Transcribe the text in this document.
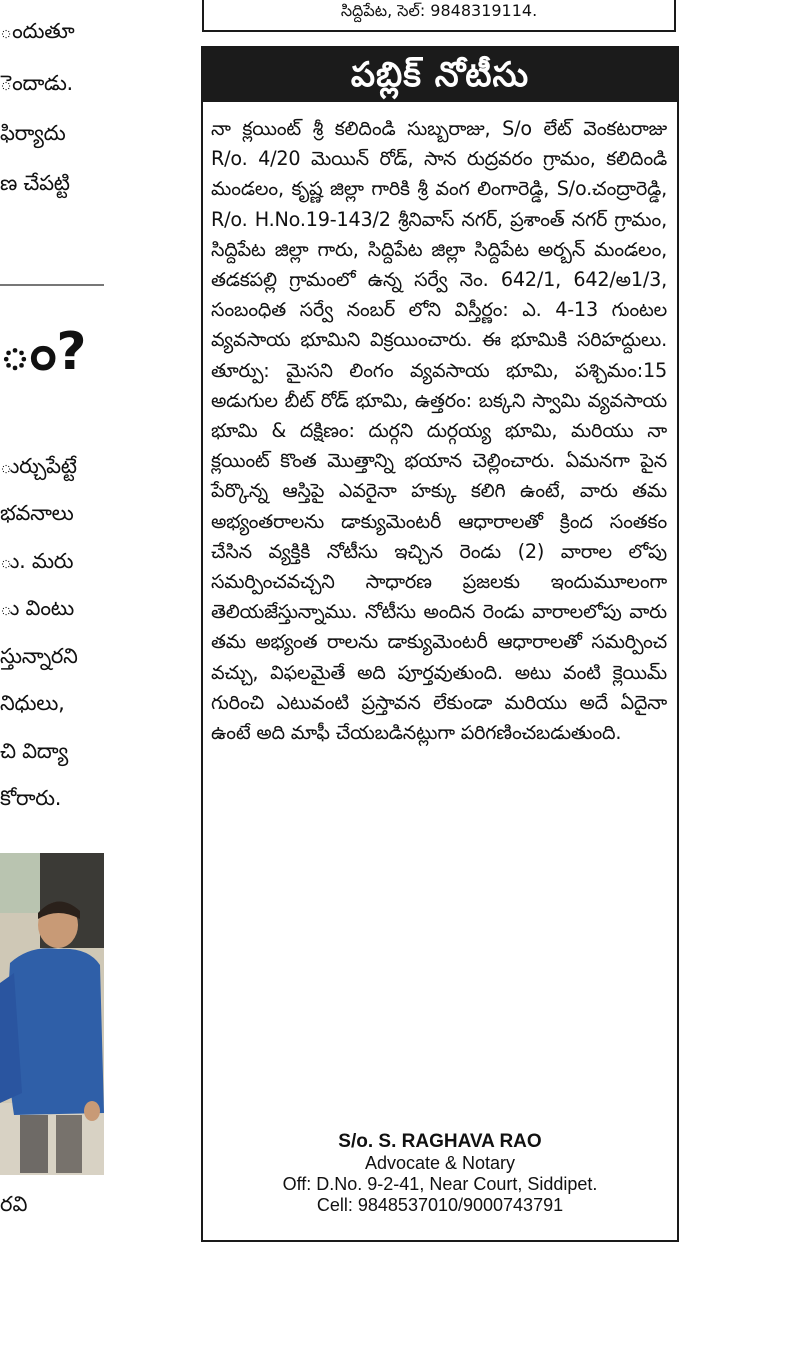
ందుతూ
ెందాడు.
ఫిర్యాదు
ణ చేపట్టి
ం?
ుర్చుపేట్టే
భవనాలు
ు. మరు
ు వింటు
స్తున్నారని
నిధులు,
చి విద్యా
కోరారు.
రవి
సిద్దిపేట, సెల్: 9848319114.
పబ్లిక్ నోటీసు
నా క్లయింట్ శ్రీ కలిదిండి సుబ్బరాజు, S/o లేట్ వెంకటరాజు R/o. 4/20 మెయిన్ రోడ్, సాన రుద్రవరం గ్రామం, కలిదిండి మండలం, కృష్ణ జిల్లా గారికి శ్రీ వంగ లింగారెడ్డి, S/o.చంద్రారెడ్డి, R/o. H.No.19-143/2 శ్రీనివాస్ నగర్, ప్రశాంత్ నగర్ గ్రామం, సిద్దిపేట జిల్లా గారు, సిద్దిపేట జిల్లా సిద్దిపేట అర్బన్ మండలం, తడకపల్లి గ్రామంలో ఉన్న సర్వే నెం. 642/1, 642/అ1/3, సంబంధిత సర్వే నంబర్ లోని విస్తీర్ణం: ఎ. 4-13 గుంటల వ్యవసాయ భూమిని విక్రయించారు. ఈ భూమికి సరిహద్దులు. తూర్పు: మైసని లింగం వ్యవసాయ భూమి, పశ్చిమం:15 అడుగుల బీట్ రోడ్ భూమి, ఉత్తరం: బక్కని స్వామి వ్యవసాయ భూమి & దక్షిణం: దుర్గని దుర్గయ్య భూమి, మరియు నా క్లయింట్ కొంత మొత్తాన్ని భయాన చెల్లించారు. ఏమనగా పైన పేర్కొన్న ఆస్తిపై ఎవరైనా హక్కు కలిగి ఉంటే, వారు తమ అభ్యంతరాలను డాక్యుమెంటరీ ఆధారాలతో క్రింద సంతకం చేసిన వ్యక్తికి నోటీసు ఇచ్చిన రెండు (2) వారాల లోపు సమర్పించవచ్చని సాధారణ ప్రజలకు ఇందుమూలంగా తెలియజేస్తున్నాము. నోటీసు అందిన రెండు వారాలలోపు వారు తమ అభ్యంత రాలను డాక్యుమెంటరీ ఆధారాలతో సమర్పించ వచ్చు, విఫలమైతే అది పూర్తవుతుంది. అటు వంటి క్లెయిమ్ గురించి ఎటువంటి ప్రస్తావన లేకుండా మరియు అదే ఏదైనా ఉంటే అది మాఫీ చేయబడినట్లుగా పరిగణించబడుతుంది.
S/o. S. RAGHAVA RAO
Advocate & Notary
Off: D.No. 9-2-41, Near Court, Siddipet.
Cell: 9848537010/9000743791
